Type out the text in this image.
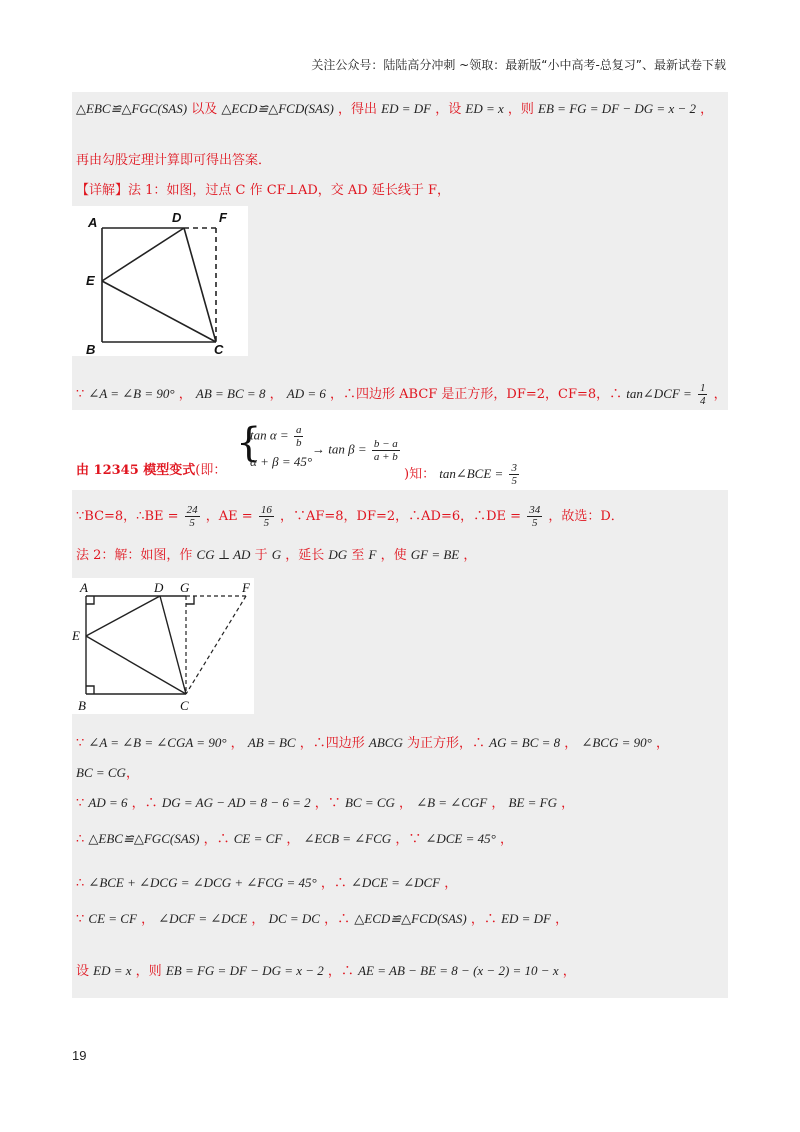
关注公众号：陆陆高分冲刺 ~领取：最新版“小中高考-总复习”、最新试卷下载
△EBC≌△FGC(SAS) 以及 △ECD≌△FCD(SAS) ，得出 ED = DF ，设 ED = x ，则 EB = FG = DF − DG = x − 2 ，
再由勾股定理计算即可得出答案．
【详解】法 1：如图，过点 C 作 CF⊥AD，交 AD 延长线于 F，
A	D	F
E
B	C
∵ ∠A = ∠B = 90° ， AB = BC = 8 ， AD = 6 ，∴四边形 ABCF 是正方形，DF=2，CF=8，∴ tan∠DCF = $\frac{1}{4}$ ，
{
$\tan \alpha = \frac{a}{b}$
α + β = 45°
→ $\tan \beta = \frac{b - a}{a + b}$
由 12345 模型变式(即：	)知： tan∠BCE = $\frac{3}{5}$
∵BC=8，∴BE = $\frac{24}{5}$ ，AE = $\frac{16}{5}$ ，∵AF=8，DF=2，∴AD=6，∴DE = $\frac{34}{5}$ ，故选：D．
法 2：解：如图，作 CG ⊥ AD 于 G ，延长 DG 至 F ，使 GF = BE ，
A	D G	F
E
B	C
∵ ∠A = ∠B = ∠CGA = 90° ， AB = BC ，∴四边形 ABCG 为正方形，∴ AG = BC = 8 ， ∠BCG = 90° ，
BC = CG，
∵ AD = 6 ，∴ DG = AG − AD = 8 − 6 = 2 ，∵ BC = CG ， ∠B = ∠CGF ， BE = FG ，
∴ △EBC≌△FGC(SAS) ，∴ CE = CF ， ∠ECB = ∠FCG ，∵ ∠DCE = 45° ，
∴ ∠BCE + ∠DCG = ∠DCG + ∠FCG = 45° ，∴ ∠DCE = ∠DCF ，
∵ CE = CF ， ∠DCF = ∠DCE ， DC = DC ，∴ △ECD≌△FCD(SAS) ，∴ ED = DF ，
设 ED = x ，则 EB = FG = DF − DG = x − 2 ，∴ AE = AB − BE = 8 − (x − 2) = 10 − x ，
19
